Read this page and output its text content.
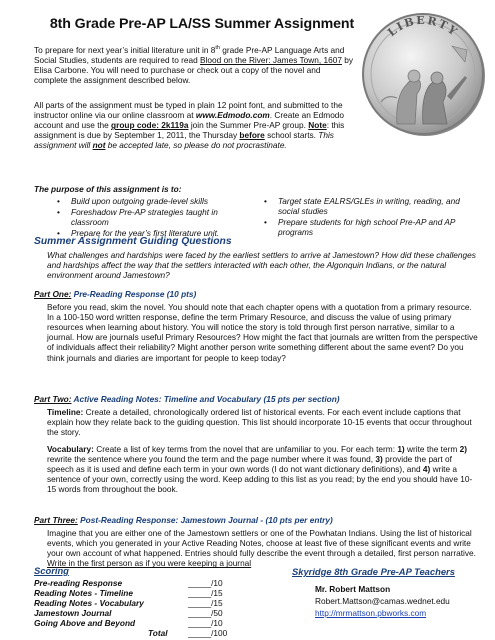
LIBERTY
8th Grade Pre-AP LA/SS Summer Assignment
To prepare for next year’s initial literature unit in 8th grade Pre-AP Language Arts and Social Studies, students are required to read Blood on the River: James Town, 1607 by Elisa Carbone. You will need to purchase or check out a copy of the novel and complete the assignment described below.
All parts of the assignment must be typed in plain 12 point font, and submitted to the instructor online via our online classroom at www.Edmodo.com. Create an Edmodo account and use the group code: 2k119a join the Summer Pre-AP group. Note: this assignment is due by September 1, 2011, the Thursday before school starts. This assignment will not be accepted late, so please do not procrastinate.
The purpose of this assignment is to:
• Build upon outgoing grade-level skills
• Foreshadow Pre-AP strategies taught in classroom
• Prepare for the year’s first literature unit.
• Target state EALRS/GLEs in writing, reading, and social studies
• Prepare students for high school Pre-AP and AP programs
Summer Assignment Guiding Questions

What challenges and hardships were faced by the earliest settlers to arrive at Jamestown? How did these challenges and hardships affect the way that the settlers interacted with each other, the Algonquin Indians, or the natural environment around Jamestown?

Part One: Pre-Reading Response (10 pts)

Before you read, skim the novel. You should note that each chapter opens with a quotation from a primary resource. In a 100-150 word written response, define the term Primary Resource, and discuss the value of using primary resources when learning about history. You will notice the story is told through first person narrative, similar to a journal. How are journals useful Primary Resources? How might the fact that journals are written from the perspective of individuals affect their reliability? Might another person write something different about the same event? Do you think journals and diaries are important for people to keep today?

Part Two: Active Reading Notes: Timeline and Vocabulary (15 pts per section)

Timeline: Create a detailed, chronologically ordered list of historical events. For each event include captions that explain how they relate back to the guiding question. This list should incorporate 10-15 events that occur throughout the story.

Vocabulary: Create a list of key terms from the novel that are unfamiliar to you. For each term: 1) write the term 2) rewrite the sentence where you found the term and the page number where it was found, 3) provide the part of speech as it is used and define each term in your own words (I do not want dictionary definitions), and 4) write a sentence of your own, correctly using the word. Keep adding to this list as you read; by the end you should have 10-15 words from throughout the book.

Part Three: Post-Reading Response: Jamestown Journal - (10 pts per entry)

Imagine that you are either one of the Jamestown settlers or one of the Powhatan Indians. Using the list of historical events, which you generated in your Active Reading Notes, choose at least five of these significant events and write your own account of what happened. Entries should fully describe the event through a detailed, first person narrative. Write in the first person as if you were keeping a journal

Scoring
Pre-reading Response	_____/10
Reading Notes - Timeline	_____/15
Reading Notes - Vocabulary	_____/15
Jamestown Journal	_____/50
Going Above and Beyond	_____/10
Skyridge 8th Grade Pre-AP Teachers
Mr. Robert Mattson
Robert.Mattson@camas.wednet.edu
http://mrmattson.pbworks.com
Total _____/100
